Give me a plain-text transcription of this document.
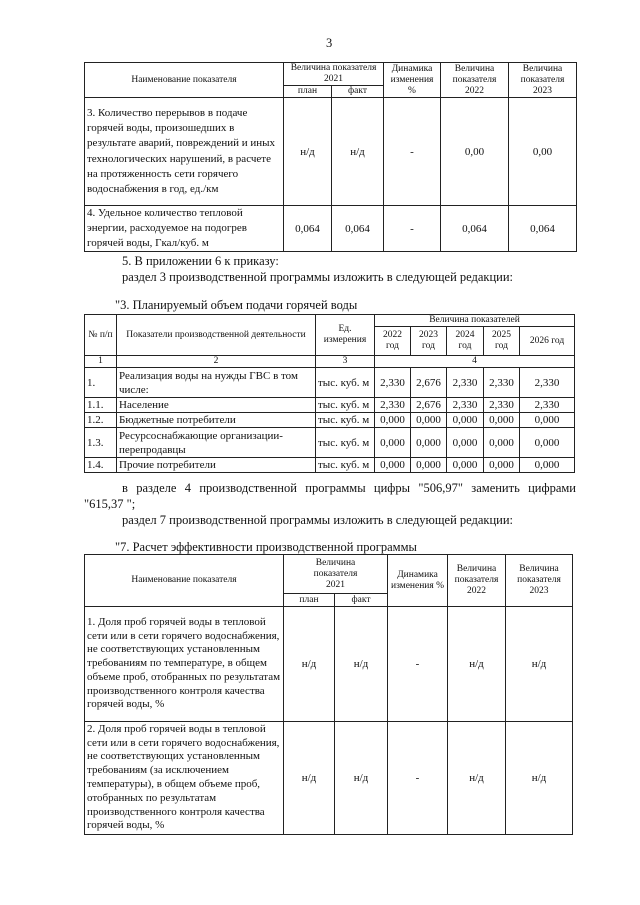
3
Наименование показателя	Величина показателя 2021		Динамика изменения %	Величина показателя 2022	Величина показателя 2023
	план	факт			
3. Количество перерывов в подаче горячей воды, произошедших в результате аварий, повреждений и иных технологических нарушений, в расчете на протяженность сети горячего водоснабжения в год, ед./км	н/д	н/д	-	0,00	0,00
4. Удельное количество тепловой энергии, расходуемое на подогрев горячей воды, Гкал/куб. м	0,064	0,064	-	0,064	0,064
5. В приложении 6 к приказу:
раздел 3 производственной программы изложить в следующей редакции:
"3. Планируемый объем подачи горячей воды
№ п/п	Показатели производственной деятельности	Ед. измерения	Величина показателей				
			2022 год	2023 год	2024 год	2025 год	2026 год
1	2	3	4				
1.	Реализация воды на нужды ГВС в том числе:	тыс. куб. м	2,330	2,676	2,330	2,330	2,330
1.1.	Население	тыс. куб. м	2,330	2,676	2,330	2,330	2,330
1.2.	Бюджетные потребители	тыс. куб. м	0,000	0,000	0,000	0,000	0,000
1.3.	Ресурсоснабжающие организации-перепродавцы	тыс. куб. м	0,000	0,000	0,000	0,000	0,000
1.4.	Прочие потребители	тыс. куб. м	0,000	0,000	0,000	0,000	0,000
в разделе 4 производственной программы цифры "506,97" заменить цифрами
"615,37 ";
раздел 7 производственной программы изложить в следующей редакции:
"7. Расчет эффективности производственной программы
Наименование показателя	Величина показателя 2021		Динамика изменения %	Величина показателя 2022	Величина показателя 2023
	план	факт			
1. Доля проб горячей воды в тепловой сети или в сети горячего водоснабжения, не соответствующих установленным требованиям по температуре, в общем объеме проб, отобранных по результатам производственного контроля качества горячей воды, %	н/д	н/д	-	н/д	н/д
2. Доля проб горячей воды в тепловой сети или в сети горячего водоснабжения, не соответствующих установленным требованиям (за исключением температуры), в общем объеме проб, отобранных по результатам производственного контроля качества горячей воды, %	н/д	н/д	-	н/д	н/д
